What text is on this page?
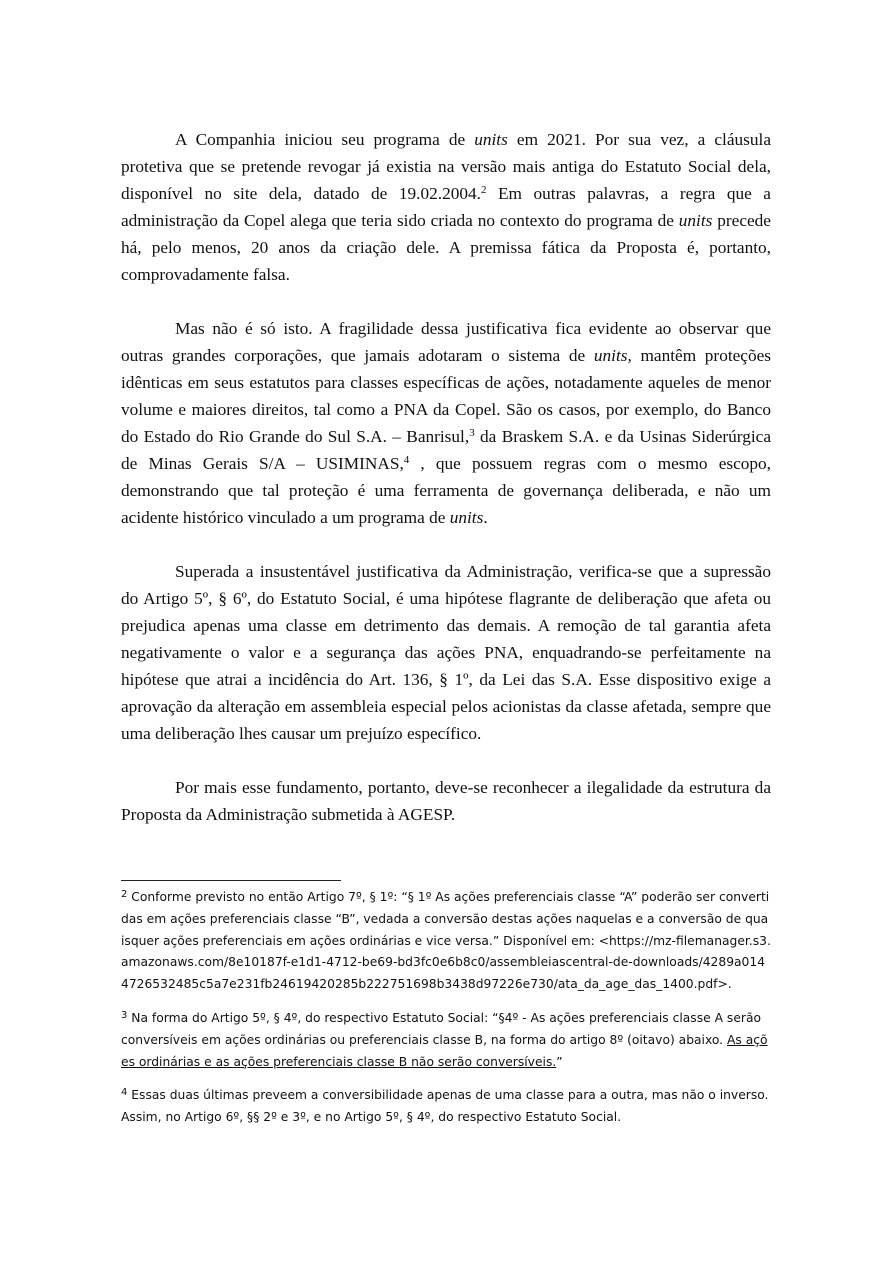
A Companhia iniciou seu programa de units em 2021. Por sua vez, a cláusula protetiva que se pretende revogar já existia na versão mais antiga do Estatuto Social dela, disponível no site dela, datado de 19.02.2004.$^2$ Em outras palavras, a regra que a administração da Copel alega que teria sido criada no contexto do programa de units precede há, pelo menos, 20 anos da criação dele. A premissa fática da Proposta é, portanto, comprovadamente falsa.

Mas não é só isto. A fragilidade dessa justificativa fica evidente ao observar que outras grandes corporações, que jamais adotaram o sistema de units, mantêm proteções idênticas em seus estatutos para classes específicas de ações, notadamente aqueles de menor volume e maiores direitos, tal como a PNA da Copel. São os casos, por exemplo, do Banco do Estado do Rio Grande do Sul S.A. – Banrisul,$^3$ da Braskem S.A. e da Usinas Siderúrgica de Minas Gerais S/A – USIMINAS,$^4$ , que possuem regras com o mesmo escopo, demonstrando que tal proteção é uma ferramenta de governança deliberada, e não um acidente histórico vinculado a um programa de units.

Superada a insustentável justificativa da Administração, verifica-se que a supressão do Artigo 5º, § 6º, do Estatuto Social, é uma hipótese flagrante de deliberação que afeta ou prejudica apenas uma classe em detrimento das demais. A remoção de tal garantia afeta negativamente o valor e a segurança das ações PNA, enquadrando-se perfeitamente na hipótese que atrai a incidência do Art. 136, § 1º, da Lei das S.A. Esse dispositivo exige a aprovação da alteração em assembleia especial pelos acionistas da classe afetada, sempre que uma deliberação lhes causar um prejuízo específico.

Por mais esse fundamento, portanto, deve-se reconhecer a ilegalidade da estrutura da Proposta da Administração submetida à AGESP.

$^2$ Conforme previsto no então Artigo 7º, § 1º: “§ 1º As ações preferenciais classe “A” poderão ser convertidas em ações preferenciais classe “B”, vedada a conversão destas ações naquelas e a conversão de quaisquer ações preferenciais em ações ordinárias e vice versa.” Disponível em: <https://mz-filemanager.s3.amazonaws.com/8e10187f-e1d1-4712-be69-bd3fc0e6b8c0/assembleiascentral-de-downloads/4289a0144726532485c5a7e231fb24619420285b222751698b3438d97226e730/ata_da_age_das_1400.pdf>.

$^3$ Na forma do Artigo 5º, § 4º, do respectivo Estatuto Social: “§4º - As ações preferenciais classe A serão conversíveis em ações ordinárias ou preferenciais classe B, na forma do artigo 8º (oitavo) abaixo. As ações ordinárias e as ações preferenciais classe B não serão conversíveis.”

$^4$ Essas duas últimas preveem a conversibilidade apenas de uma classe para a outra, mas não o inverso. Assim, no Artigo 6º, §§ 2º e 3º, e no Artigo 5º, § 4º, do respectivo Estatuto Social.
